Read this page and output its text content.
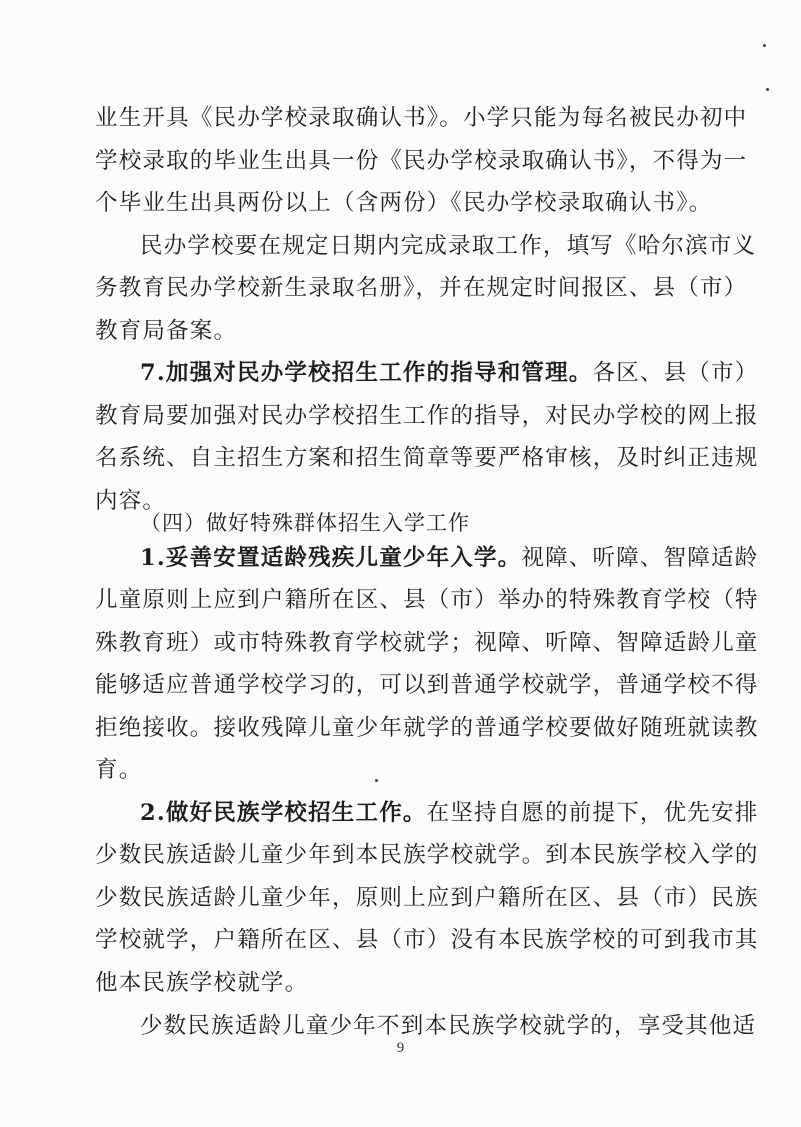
业生开具《民办学校录取确认书》。小学只能为每名被民办初中
学校录取的毕业生出具一份《民办学校录取确认书》，不得为一
个毕业生出具两份以上（含两份）《民办学校录取确认书》。
民办学校要在规定日期内完成录取工作，填写《哈尔滨市义
务教育民办学校新生录取名册》，并在规定时间报区、县（市）
教育局备案。
7.加强对民办学校招生工作的指导和管理。各区、县（市）
教育局要加强对民办学校招生工作的指导，对民办学校的网上报
名系统、自主招生方案和招生简章等要严格审核，及时纠正违规
内容。
（四）做好特殊群体招生入学工作
1.妥善安置适龄残疾儿童少年入学。视障、听障、智障适龄
儿童原则上应到户籍所在区、县（市）举办的特殊教育学校（特
殊教育班）或市特殊教育学校就学；视障、听障、智障适龄儿童
能够适应普通学校学习的，可以到普通学校就学，普通学校不得
拒绝接收。接收残障儿童少年就学的普通学校要做好随班就读教
育。
2.做好民族学校招生工作。在坚持自愿的前提下，优先安排
少数民族适龄儿童少年到本民族学校就学。到本民族学校入学的
少数民族适龄儿童少年，原则上应到户籍所在区、县（市）民族
学校就学，户籍所在区、县（市）没有本民族学校的可到我市其
他本民族学校就学。
少数民族适龄儿童少年不到本民族学校就学的，享受其他适
9
